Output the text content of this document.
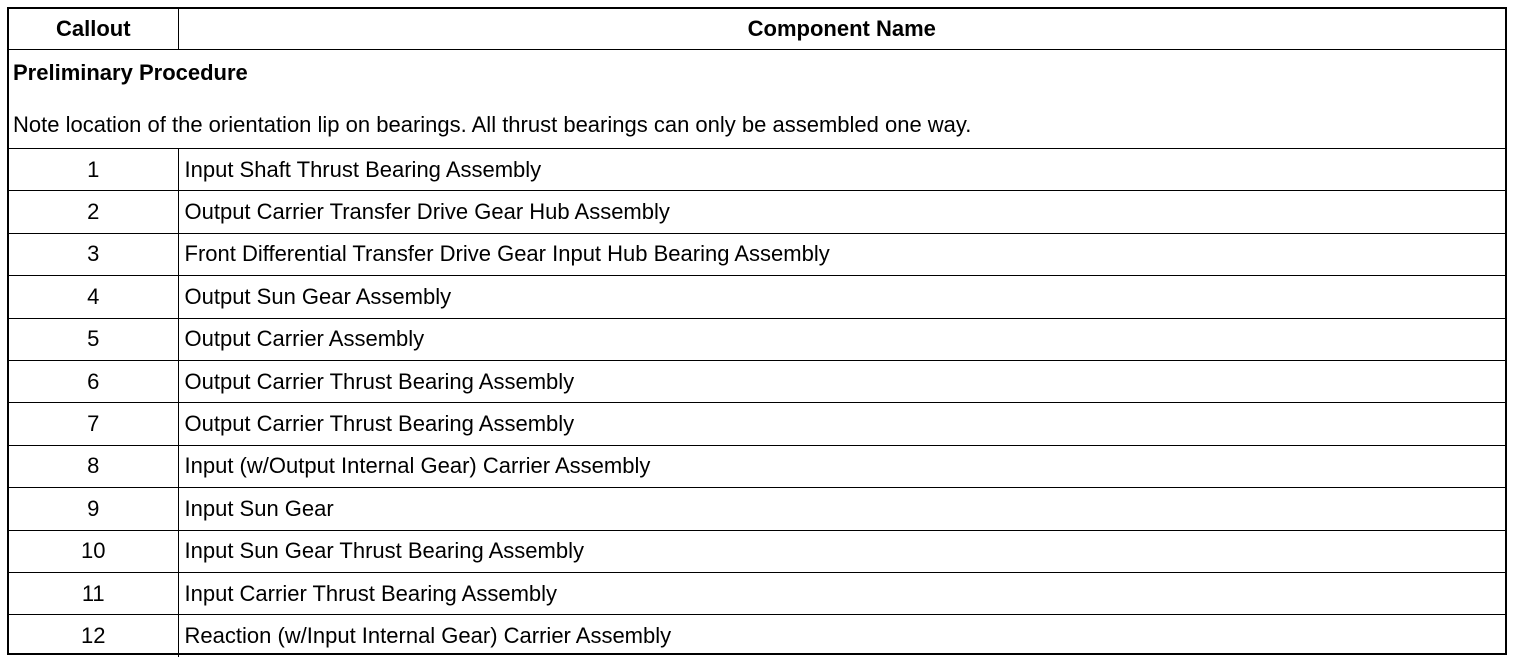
Callout	Component Name

Preliminary Procedure
Note location of the orientation lip on bearings. All thrust bearings can only be assembled one way.	

1	Input Shaft Thrust Bearing Assembly
2	Output Carrier Transfer Drive Gear Hub Assembly
3	Front Differential Transfer Drive Gear Input Hub Bearing Assembly
4	Output Sun Gear Assembly
5	Output Carrier Assembly
6	Output Carrier Thrust Bearing Assembly
7	Output Carrier Thrust Bearing Assembly
8	Input (w/Output Internal Gear) Carrier Assembly
9	Input Sun Gear
10	Input Sun Gear Thrust Bearing Assembly
11	Input Carrier Thrust Bearing Assembly
12	Reaction (w/Input Internal Gear) Carrier Assembly
